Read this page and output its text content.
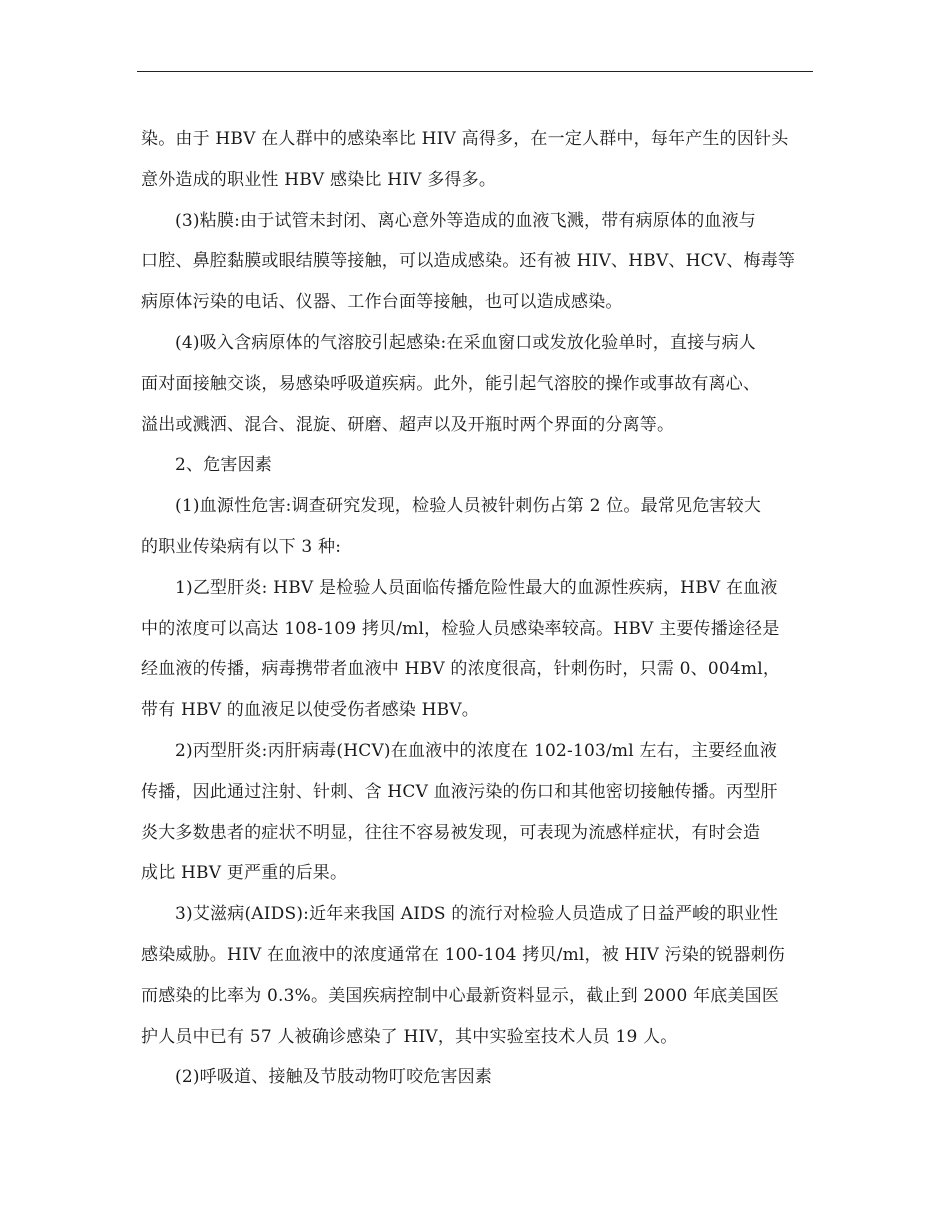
染。由于 HBV 在人群中的感染率比 HIV 高得多，在一定人群中，每年产生的因针头
意外造成的职业性 HBV 感染比 HIV 多得多。
(3)粘膜:由于试管未封闭、离心意外等造成的血液飞溅，带有病原体的血液与
口腔、鼻腔黏膜或眼结膜等接触，可以造成感染。还有被 HIV、HBV、HCV、梅毒等
病原体污染的电话、仪器、工作台面等接触，也可以造成感染。
(4)吸入含病原体的气溶胶引起感染:在采血窗口或发放化验单时，直接与病人
面对面接触交谈，易感染呼吸道疾病。此外，能引起气溶胶的操作或事故有离心、
溢出或溅洒、混合、混旋、研磨、超声以及开瓶时两个界面的分离等。
2、危害因素
(1)血源性危害:调查研究发现，检验人员被针刺伤占第 2 位。最常见危害较大
的职业传染病有以下 3 种:
1)乙型肝炎: HBV 是检验人员面临传播危险性最大的血源性疾病，HBV 在血液
中的浓度可以高达 108-109 拷贝/ml，检验人员感染率较高。HBV 主要传播途径是
经血液的传播，病毒携带者血液中 HBV 的浓度很高，针刺伤时，只需 0、004ml，
带有 HBV 的血液足以使受伤者感染 HBV。
2)丙型肝炎:丙肝病毒(HCV)在血液中的浓度在 102-103/ml 左右，主要经血液
传播，因此通过注射、针刺、含 HCV 血液污染的伤口和其他密切接触传播。丙型肝
炎大多数患者的症状不明显，往往不容易被发现，可表现为流感样症状，有时会造
成比 HBV 更严重的后果。
3)艾滋病(AIDS):近年来我国 AIDS 的流行对检验人员造成了日益严峻的职业性
感染威胁。HIV 在血液中的浓度通常在 100-104 拷贝/ml，被 HIV 污染的锐器刺伤
而感染的比率为 0.3%。美国疾病控制中心最新资料显示，截止到 2000 年底美国医
护人员中已有 57 人被确诊感染了 HIV，其中实验室技术人员 19 人。
(2)呼吸道、接触及节肢动物叮咬危害因素
